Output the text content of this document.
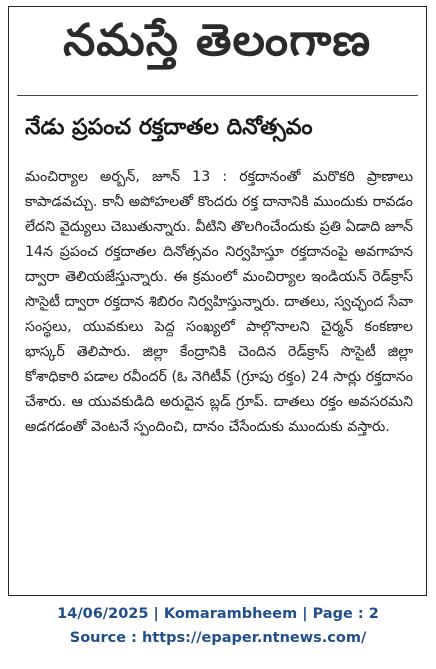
నమస్తే తెలంగాణ
నేడు ప్రపంచ రక్తదాతల దినోత్సవం

మంచిర్యాల అర్బన్, జూన్ 13 : రక్తదానంతో మరొకరి ప్రాణాలు కాపాడవచ్చు. కానీ అపోహలతో కొందరు రక్త దానానికి ముందుకు రావడం లేదని వైద్యులు చెబుతున్నారు. వీటిని తొలగించేందుకు ప్రతి ఏడాది జూన్ 14న ప్రపంచ రక్తదాతల దినోత్సవం నిర్వహిస్తూ రక్తదానంపై అవగాహన ద్వారా తెలియజేస్తున్నారు. ఈ క్రమంలో మంచిర్యాల ఇండియన్ రెడ్‌క్రాస్ సొసైటీ ద్వారా రక్తదాన శిబిరం నిర్వహిస్తున్నారు. దాతలు, స్వచ్ఛంద సేవా సంస్థలు, యువకులు పెద్ద సంఖ్యలో పాల్గొనాలని చైర్మన్ కంకణాల భాస్కర్ తెలిపారు. జిల్లా కేంద్రానికి చెందిన రెడ్‌క్రాస్ సొసైటీ జిల్లా కోశాధికారి పడాల రవీందర్ (ఓ నెగిటీవ్ (గ్రూపు రక్తం) 24 సార్లు రక్తదానం చేశారు. ఆ యువకుడిది అరుదైన బ్లడ్ గ్రూప్. దాతలు రక్తం అవసరమని అడగడంతో వెంటనే స్పందించి, దానం చేసేందుకు ముందుకు వస్తారు.

14/06/2025 | Komarambheem | Page : 2
Source : https://epaper.ntnews.com/
